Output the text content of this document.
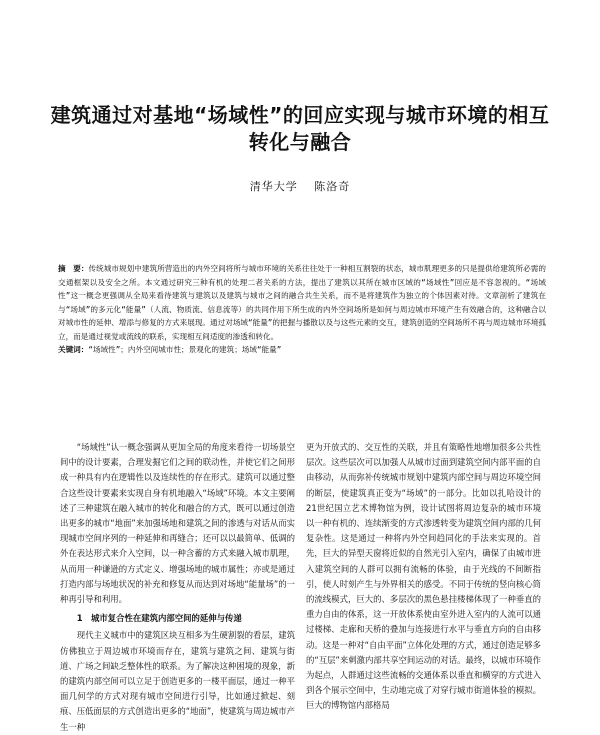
建筑通过对基地“场域性”的回应实现与城市环境的相互
转化与融合
清华大学 陈洛奇
摘　要：传统城市规划中建筑所营造出的内外空间将所与城市环境的关系往往处于一种相互割裂的状态，城市肌理更多的只是提供给建筑所必需的交通框架以及安全之所。本文通过研究三种有机的处理二者关系的方法，提出了建筑以其所在城市区域的“场域性”回应是不容忽视的。“场域性”这一概念更强调从全局来看待建筑与建筑以及建筑与城市之间的融合共生关系，而不是将建筑作为独立的个体因素对待。文章剖析了建筑在与“场域”的多元化“能量”（人流、物质流、信息流等）的共同作用下所生成的内外空间场所是如何与周边城市环境产生有效融合的，这种融合以对城市性的延伸、增添与修复的方式来展现。通过对场域“能量”的把握与播散以及与这些元素的交互，建筑创造的空间场所不再与周边城市环境孤立，而是通过视觉或流线的联系，实现相互间适度的渗透和转化。
关键词：“场域性”；内外空间城市性；景观化的建筑；场域“能量”

“场域性”认一概念强调从更加全局的角度来看待一切场景空间中的设计要素，合理发掘它们之间的联动性，并使它们之间形成一种具有内在逻辑性以及连续性的存在形式。建筑可以通过整合这些设计要素来实现自身有机地融入“场域”环境。本文主要阐述了三种建筑在融入城市的转化和融合的方式，既可以通过创造出更多的城市“地面”来加强场地和建筑之间的渗透与对话从而实现城市空间序列的一种延伸和再缝合；还可以以最简单、低调的外在表达形式来介入空间，以一种含蓄的方式来融入城市肌理，从而用一种谦逊的方式定义、增强场地的城市属性；亦或是通过打造内部与场地状况的补充和修复从而达到对场地“能量场”的一种再引导和利用。

1　城市复合性在建筑内部空间的延伸与传递

现代主义城市中的建筑区块互相多为生硬割裂的看层，建筑仿佛独立于周边城市环境而存在，建筑与建筑之间、建筑与街道、广场之间缺乏整体性的联系。为了解决这种困境的现象，新的建筑内部空间可以立足于创造更多的一楼平面层，通过一种平面几何学的方式对现有城市空间进行引导，比如通过掀起、刻痕、压低面层的方式创造出更多的“地面”，使建筑与周边城市产生一种

更为开放式的、交互性的关联，并且有策略性地增加很多公共性层次。这些层次可以加强人从城市过面到建筑空间内部平面的自由移动，从而弥补传统城市规划中建筑内部空间与周边环境空间的断层，使建筑真正变为“场域”的一部分。比如以扎哈设计的21世纪国立艺术博物馆为例，设计试图将周边复杂的城市环境以一种有机的、连续渐变的方式渗透转变为建筑空间内部的几何复杂性。这是通过一种将内外空间趋同化的手法来实现的。首先，巨大的异型天窗将近似的自然光引入室内，确保了由城市进入建筑空间的人群可以拥有流畅的体验，由于光线的不间断指引，使人时刻产生与外界相关的感受。不同于传统的竖向核心筒的流线模式，巨大的、多层次的黑色悬挂楼梯体现了一种垂直的重力自由的体系，这一开放体系使由室外进入室内的人流可以通过楼梯、走廊和天桥的叠加与连接进行水平与垂直方向的自由移动。这是一种对“自由平面”立体化处理的方式，通过创造足够多的“互层”来刺激内部共享空间运动的对话。最终，以城市环境作为起点，人群通过这些流畅的交通体系以垂直和横穿的方式进入到各个展示空间中，生动地完成了对穿行城市街道体验的模拟。巨大的博物馆内部格局
